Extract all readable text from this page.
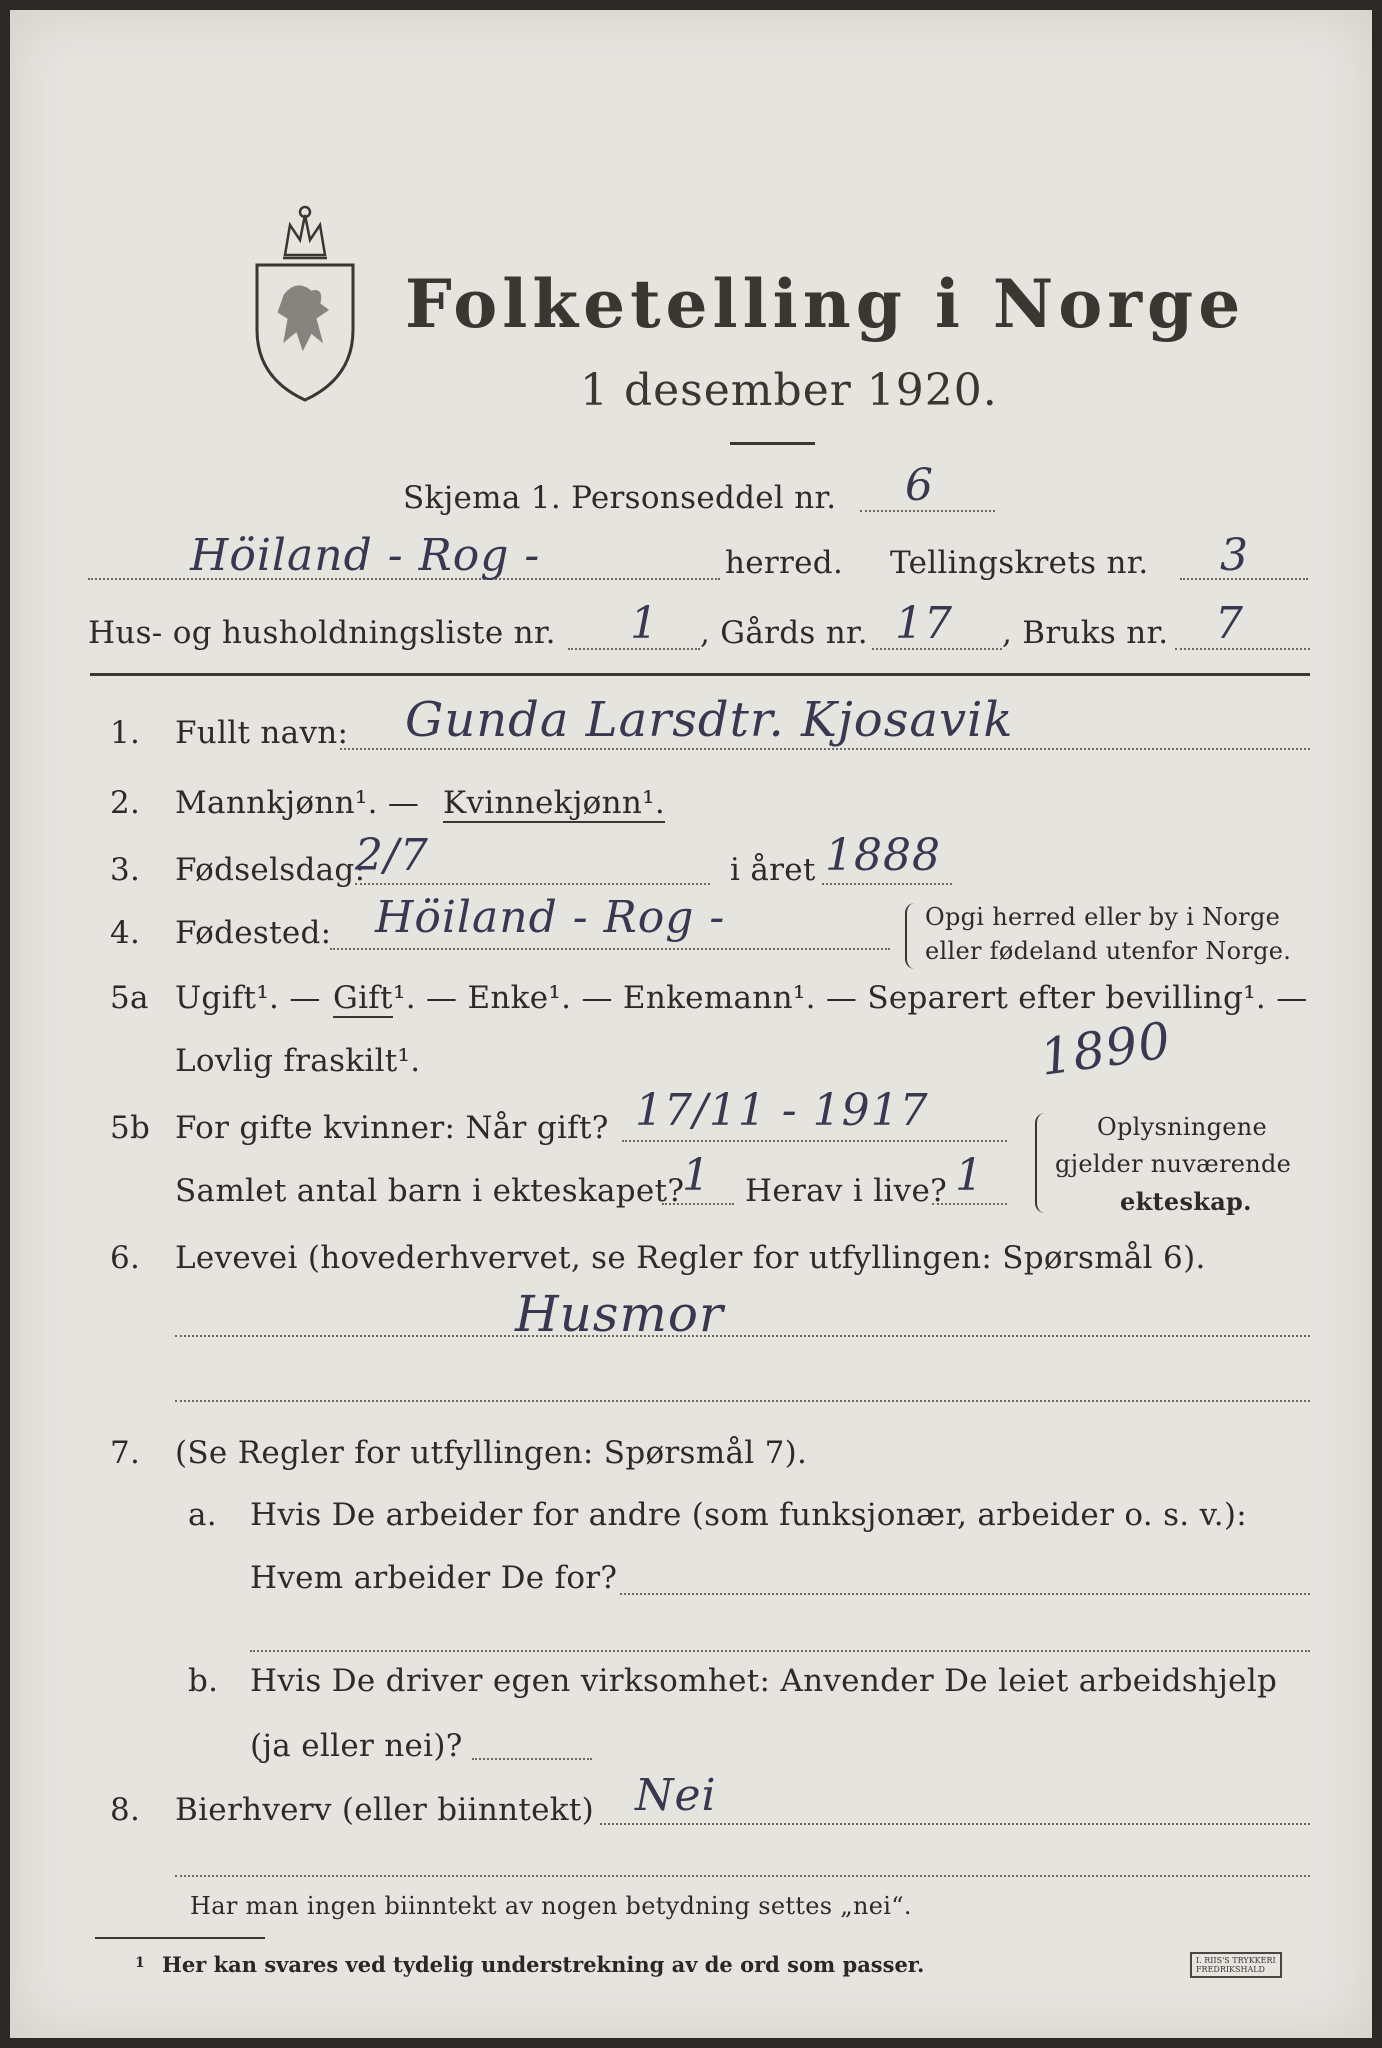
Folketelling i Norge
1 desember 1920.
Skjema 1. Personseddel nr. 6
Höiland - Rog -	herred. Tellingskrets nr. 3
Hus- og husholdningsliste nr. 1 , Gårds nr. 17 , Bruks nr. 7
1. Fullt navn: Gunda Larsdtr. Kjosavik
2. Mannkjønn¹. — Kvinnekjønn¹.
3. Fødselsdag:
2/7	i året 1888
4. Fødested: Höiland - Rog -	Opgi herred eller by i Norge
eller fødeland utenfor Norge.
5a Ugift¹. — Gift ¹. — Enke¹. — Enkemann¹. — Separert efter bevilling¹. —
Lovlig fraskilt¹.	1890
5b For gifte kvinner: Når gift? 17/11 - 1917
Samlet antal barn i ekteskapet?
1 Herav i live? 1
Oplysningene
gjelder nuværende
ekteskap.
6. Levevei (hovederhvervet, se Regler for utfyllingen: Spørsmål 6).
Husmor
7. (Se Regler for utfyllingen: Spørsmål 7).
a. Hvis De arbeider for andre (som funksjonær, arbeider o. s. v.):
Hvem arbeider De for?
b. Hvis De driver egen virksomhet: Anvender De leiet arbeidshjelp
(ja eller nei)?
8. Bierhverv (eller biinntekt) Nei
Har man ingen biinntekt av nogen betydning settes „nei“.
1 Her kan svares ved tydelig understrekning av de ord som passer.	I. RIIS'S TRYKKERI
FREDRIKSHALD
